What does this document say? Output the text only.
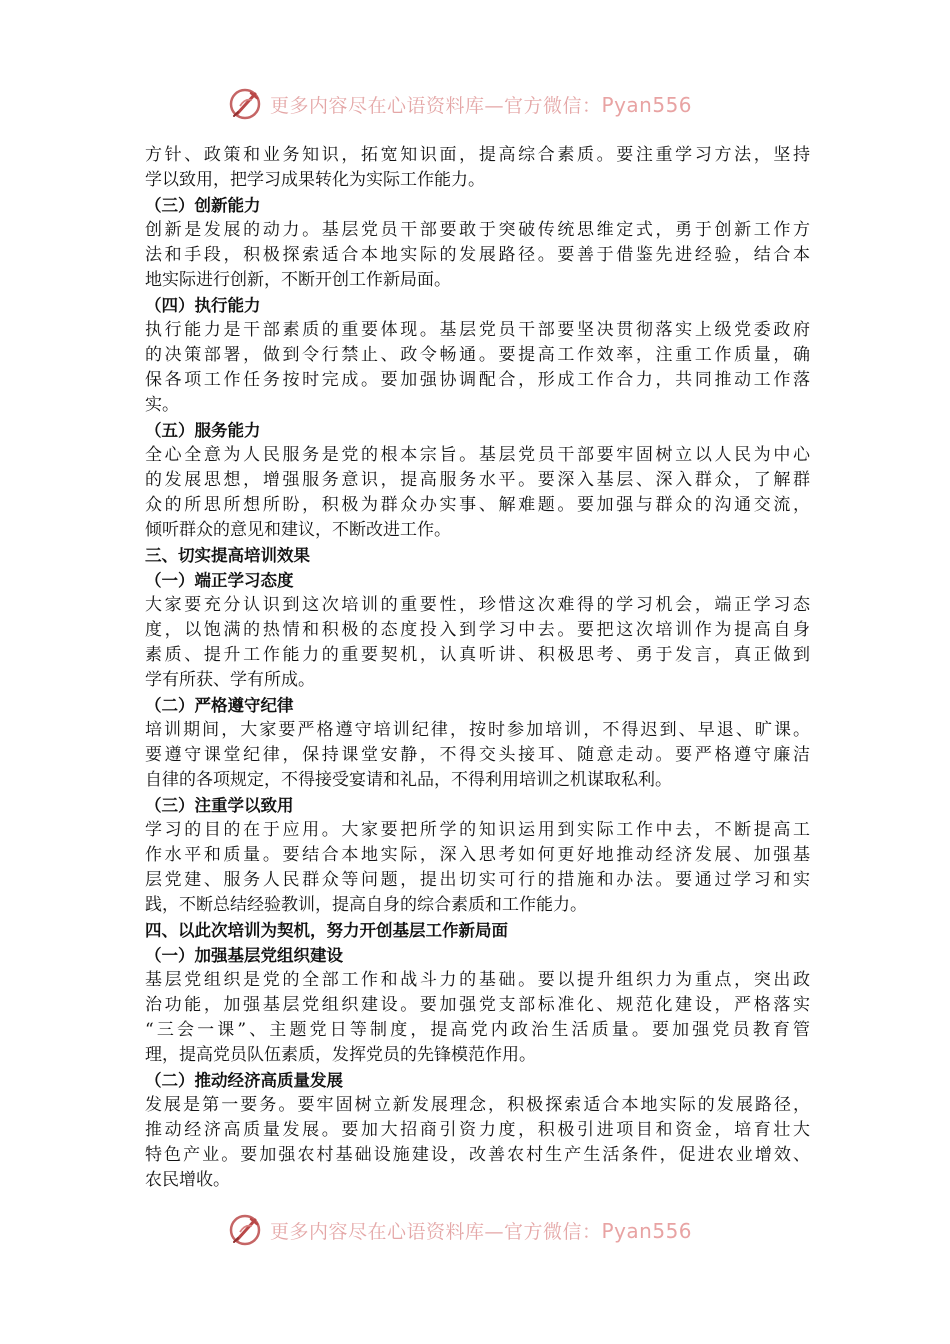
更多内容尽在心语资料库—官方微信：Pyan556
方针、政策和业务知识，拓宽知识面，提高综合素质。要注重学习方法，坚持
学以致用，把学习成果转化为实际工作能力。
（三）创新能力
创新是发展的动力。基层党员干部要敢于突破传统思维定式，勇于创新工作方
法和手段，积极探索适合本地实际的发展路径。要善于借鉴先进经验，结合本
地实际进行创新，不断开创工作新局面。
（四）执行能力
执行能力是干部素质的重要体现。基层党员干部要坚决贯彻落实上级党委政府
的决策部署，做到令行禁止、政令畅通。要提高工作效率，注重工作质量，确
保各项工作任务按时完成。要加强协调配合，形成工作合力，共同推动工作落
实。
（五）服务能力
全心全意为人民服务是党的根本宗旨。基层党员干部要牢固树立以人民为中心
的发展思想，增强服务意识，提高服务水平。要深入基层、深入群众，了解群
众的所思所想所盼，积极为群众办实事、解难题。要加强与群众的沟通交流，
倾听群众的意见和建议，不断改进工作。
三、切实提高培训效果
（一）端正学习态度
大家要充分认识到这次培训的重要性，珍惜这次难得的学习机会，端正学习态
度，以饱满的热情和积极的态度投入到学习中去。要把这次培训作为提高自身
素质、提升工作能力的重要契机，认真听讲、积极思考、勇于发言，真正做到
学有所获、学有所成。
（二）严格遵守纪律
培训期间，大家要严格遵守培训纪律，按时参加培训，不得迟到、早退、旷课。
要遵守课堂纪律，保持课堂安静，不得交头接耳、随意走动。要严格遵守廉洁
自律的各项规定，不得接受宴请和礼品，不得利用培训之机谋取私利。
（三）注重学以致用
学习的目的在于应用。大家要把所学的知识运用到实际工作中去，不断提高工
作水平和质量。要结合本地实际，深入思考如何更好地推动经济发展、加强基
层党建、服务人民群众等问题，提出切实可行的措施和办法。要通过学习和实
践，不断总结经验教训，提高自身的综合素质和工作能力。
四、以此次培训为契机，努力开创基层工作新局面
（一）加强基层党组织建设
基层党组织是党的全部工作和战斗力的基础。要以提升组织力为重点，突出政
治功能，加强基层党组织建设。要加强党支部标准化、规范化建设，严格落实
“三会一课”、主题党日等制度，提高党内政治生活质量。要加强党员教育管
理，提高党员队伍素质，发挥党员的先锋模范作用。
（二）推动经济高质量发展
发展是第一要务。要牢固树立新发展理念，积极探索适合本地实际的发展路径，
推动经济高质量发展。要加大招商引资力度，积极引进项目和资金，培育壮大
特色产业。要加强农村基础设施建设，改善农村生产生活条件，促进农业增效、
农民增收。
更多内容尽在心语资料库—官方微信：Pyan556
